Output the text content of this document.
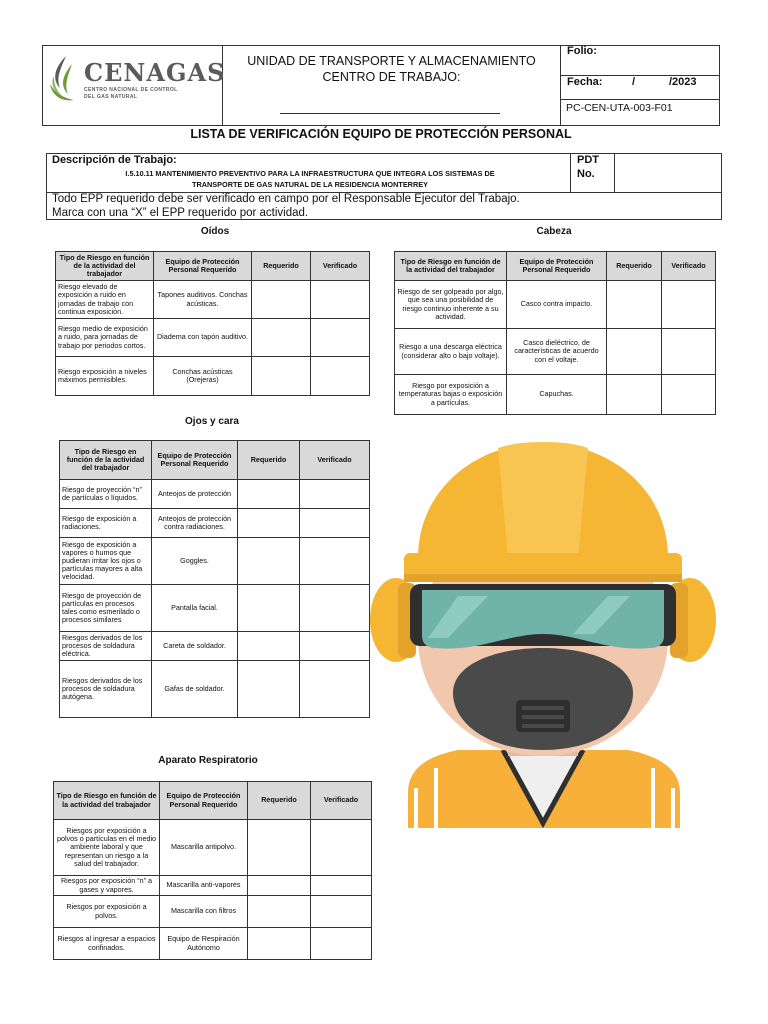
CENAGAS
CENTRO NACIONAL DE CONTROL
DEL GAS NATURAL
UNIDAD DE TRANSPORTE Y ALMACENAMIENTO
CENTRO DE TRABAJO:
Folio:
Fecha:	/	/2023
PC-CEN-UTA-003-F01
LISTA DE VERIFICACIÓN EQUIPO DE PROTECCIÓN PERSONAL
Descripción de Trabajo:
I.5.10.11 MANTENIMIENTO PREVENTIVO PARA LA INFRAESTRUCTURA QUE INTEGRA LOS SISTEMAS DE
TRANSPORTE DE GAS NATURAL DE LA RESIDENCIA MONTERREY
PDT
No.
Todo EPP requerido debe ser verificado en campo por el Responsable Ejecutor del Trabajo.
Marca con una “X” el EPP requerido por actividad.
Oídos
Tipo de Riesgo en función de la actividad del trabajador	Equipo de Protección Personal Requerido	Requerido	Verificado
Riesgo elevado de exposición a ruido en jornadas de trabajo con continua exposición.	Tapones auditivos. Conchas acústicas.		
Riesgo medio de exposición a ruido, para jornadas de trabajo por periodos cortos.	Diadema con tapón auditivo.		
Riesgo exposición a niveles máximos permisibles.	Conchas acústicas (Orejeras)		
Cabeza
Tipo de Riesgo en función de la actividad del trabajador	Equipo de Protección Personal Requerido	Requerido	Verificado
Riesgo de ser golpeado por algo, que sea una posibilidad de riesgo continuo inherente a su actividad.	Casco contra impacto.		
Riesgo a una descarga eléctrica (considerar alto o bajo voltaje).	Casco dieléctrico, de características de acuerdo con el voltaje.		
Riesgo por exposición a temperaturas bajas o exposición a partículas.	Capuchas.		
Ojos y cara
Tipo de Riesgo en función de la actividad del trabajador	Equipo de Protección Personal Requerido	Requerido	Verificado
Riesgo de proyección “n” de partículas o líquidos.	Anteojos de protección		
Riesgo de exposición a radiaciones.	Anteojos de protección contra radiaciones.		
Riesgo de exposición a vapores o humos que pudieran irritar los ojos o partículas mayores a alta velocidad.	Goggles.		
Riesgo de proyección de partículas en procesos tales como esmerilado o procesos similares	Pantalla facial.		
Riesgos derivados de los procesos de soldadura eléctrica.	Careta de soldador.		
Riesgos derivados de los procesos de soldadura autógena.	Gafas de soldador.		
Aparato Respiratorio
Tipo de Riesgo en función de la actividad del trabajador	Equipo de Protección Personal Requerido	Requerido	Verificado
Riesgos por exposición a polvos o partículas en el medio ambiente laboral y que representan un riesgo a la salud del trabajador.	Mascarilla antipolvo.		
Riesgos por exposición “n” a gases y vapores.	Mascarilla anti-vapores		
Riesgos por exposición a polvos.	Mascarilla con filtros		
Riesgos al ingresar a espacios confinados.	Equipo de Respiración Autónomo		
